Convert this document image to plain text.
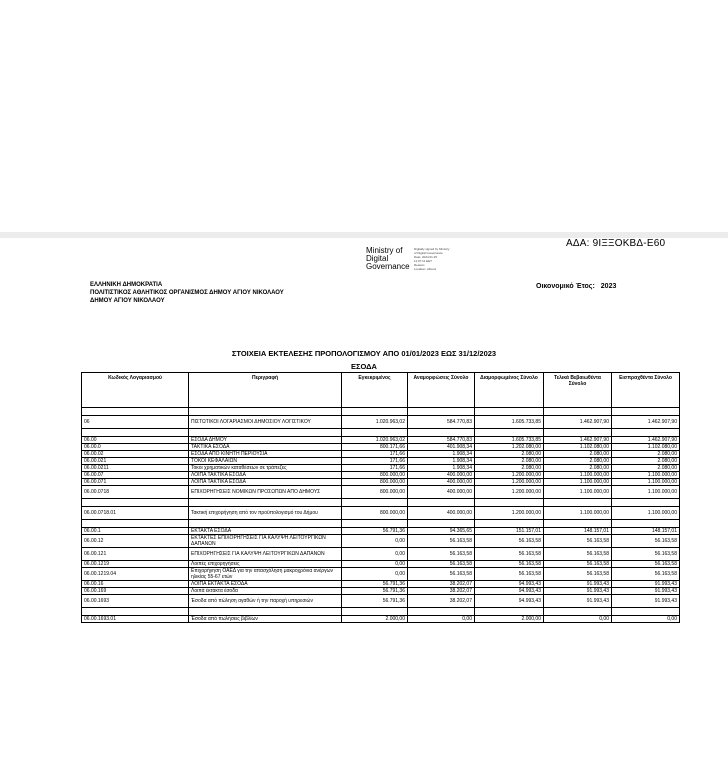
ΑΔΑ: 9ΙΞΞΟΚΒΔ-Ε60
Ministry of
Digital
Governance
Digitally signed by Ministry
of Digital Governance
Date: 2024.01.25
11:07:11 EET
Reason:
Location: Athens
ΕΛΛΗΝΙΚΗ ΔΗΜΟΚΡΑΤΙΑ
ΠΟΛΙΤΙΣΤΙΚΟΣ ΑΘΛΗΤΙΚΟΣ ΟΡΓΑΝΙΣΜΟΣ ΔΗΜΟΥ ΑΓΙΟΥ ΝΙΚΟΛΑΟΥ
ΔΗΜΟΥ ΑΓΙΟΥ ΝΙΚΟΛΑΟΥ
Οικονομικό Έτος: 2023
ΣΤΟΙΧΕΙΑ ΕΚΤΕΛΕΣΗΣ ΠΡΟΠΟΛΟΓΙΣΜΟΥ ΑΠΟ 01/01/2023 ΕΩΣ 31/12/2023
ΕΣΟΔΑ
Κωδικός Λογαριασμού	Περιγραφή	Εγκεκριμένος	Αναμορφώσεις Σύνολο	Διαμορφωμένος Σύνολο	Τελικά Βεβαιωθέντα Σύνολο	Εισπραχθέντα Σύνολο

06	ΠΙΣΤΩΤΙΚΟΙ ΛΟΓΑΡΙΑΣΜΟΙ ΔΗΜΟΣΙΟΥ ΛΟΓΙΣΤΙΚΟΥ	1.020.963,02	584.770,83	1.605.733,85	1.462.907,90	1.462.907,90

06.00	ΕΣΟΔΑ ΔΗΜΟΥ	1.020.963,02	584.770,83	1.605.733,85	1.462.907,90	1.462.907,90
06.00.0	ΤΑΚΤΙΚΑ ΕΣΟΔΑ	800.171,66	401.908,34	1.202.080,00	1.102.080,00	1.102.080,00
06.00.02	ΕΣΟΔΑ ΑΠΟ ΚΙΝΗΤΗ ΠΕΡΙΟΥΣΙΑ	171,66	1.908,34	2.080,00	2.080,00	2.080,00
06.00.021	ΤΟΚΟΙ ΚΕΦΑΛΑΙΩΝ	171,66	1.908,34	2.080,00	2.080,00	2.080,00
06.00.0211	Τόκοι χρηματικών καταθέσεων σε τράπεζες	171,66	1.908,34	2.080,00	2.080,00	2.080,00
06.00.07	ΛΟΙΠΑ ΤΑΚΤΙΚΑ ΕΣΟΔΑ	800.000,00	400.000,00	1.200.000,00	1.100.000,00	1.100.000,00
06.00.071	ΛΟΙΠΑ ΤΑΚΤΙΚΑ ΕΣΟΔΑ	800.000,00	400.000,00	1.200.000,00	1.100.000,00	1.100.000,00
06.00.0718	ΕΠΙΧΟΡΗΓΗΣΕΙΣ ΝΟΜΙΚΩΝ ΠΡΟΣΩΠΩΝ ΑΠΟ ΔΗΜΟΥΣ	800.000,00	400.000,00	1.200.000,00	1.100.000,00	1.100.000,00

06.00.0718.01	Τακτική επιχορήγηση από τον προϋπολογισμό του Δήμου	800.000,00	400.000,00	1.200.000,00	1.100.000,00	1.100.000,00

06.00.1	ΕΚΤΑΚΤΑ ΕΣΟΔΑ	56.791,36	94.365,65	151.157,01	148.157,01	148.157,01
06.00.12	ΕΚΤΑΚΤΕΣ ΕΠΙΧΟΡΗΓΗΣΕΙΣ ΓΙΑ ΚΑΛΥΨΗ ΛΕΙΤΟΥΡΓΙΚΩΝ ΔΑΠΑΝΩΝ	0,00	56.163,58	56.163,58	56.163,58	56.163,58
06.00.121	ΕΠΙΧΟΡΗΓΗΣΕΙΣ ΓΙΑ ΚΑΛΥΨΗ ΛΕΙΤΟΥΡΓΙΚΩΝ ΔΑΠΑΝΩΝ	0,00	56.163,58	56.163,58	56.163,58	56.163,58
06.00.1219	Λοιπές επιχορηγήσεις	0,00	56.163,58	56.163,58	56.163,58	56.163,58
06.00.1219.04	Επιχορήγηση ΟΑΕΔ για την απασχόληση μακροχρόνια ανέργων ηλικίας 55-67 ετών	0,00	56.163,58	56.163,58	56.163,58	56.163,58
06.00.16	ΛΟΙΠΑ ΕΚΤΑΚΤΑ ΕΣΟΔΑ	56.791,36	38.202,07	94.993,43	91.993,43	91.993,43
06.00.169	Λοιπά έκτακτα έσοδα	56.791,36	38.202,07	94.993,43	91.993,43	91.993,43
06.00.1693	Έσοδα από πώληση αγαθών ή την παροχή υπηρεσιών	56.791,36	38.202,07	94.993,43	91.993,43	91.993,43

06.00.1693.01	Έσοδα από πωλήσεις βιβλίων	2.000,00	0,00	2.000,00	0,00	0,00
